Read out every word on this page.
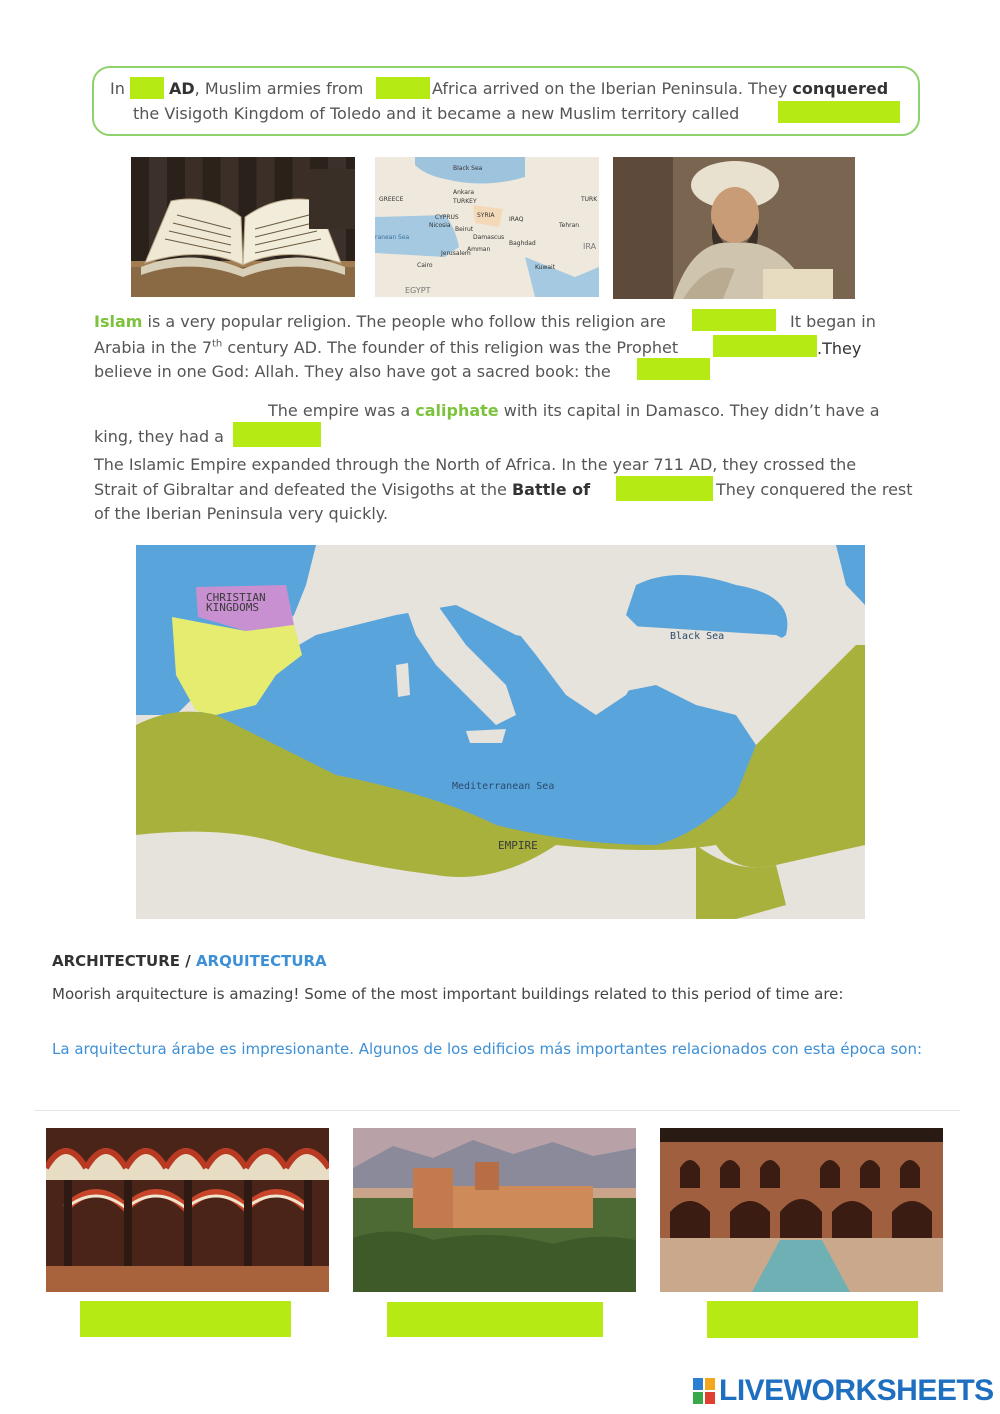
In	AD, Muslim armies from	Africa arrived on the Iberian Peninsula. They conquered
the Visigoth Kingdom of Toledo and it became a new Muslim territory called
Black Sea
TURKEY
Ankara
SYRIA
IRAQ
CYPRUS
Nicosia
Beirut
Damascus
Baghdad
Amman
Jerusalem
Cairo
EGYPT
Kuwait
IRA
TURK
ranean Sea
Tehran
GREECE
Islam is a very popular religion. The people who follow this religion are	It began in
Arabia in the 7th century AD. The founder of this religion was the Prophet	.They
believe in one God: Allah. They also have got a sacred book: the
The empire was a caliphate with its capital in Damasco. They didn’t have a
king, they had a
The Islamic Empire expanded through the North of Africa. In the year 711 AD, they crossed the
Strait of Gibraltar and defeated the Visigoths at the Battle of	They conquered the rest
of the Iberian Peninsula very quickly.
CHRISTIAN
KINGDOMS
Black Sea
Mediterranean Sea
EMPIRE
ARCHITECTURE / ARQUITECTURA
Moorish arquitecture is amazing! Some of the most important buildings related to this period of time are:
La arquitectura árabe es impresionante. Algunos de los edificios más importantes relacionados con esta época son:
LIVEWORKSHEETS
